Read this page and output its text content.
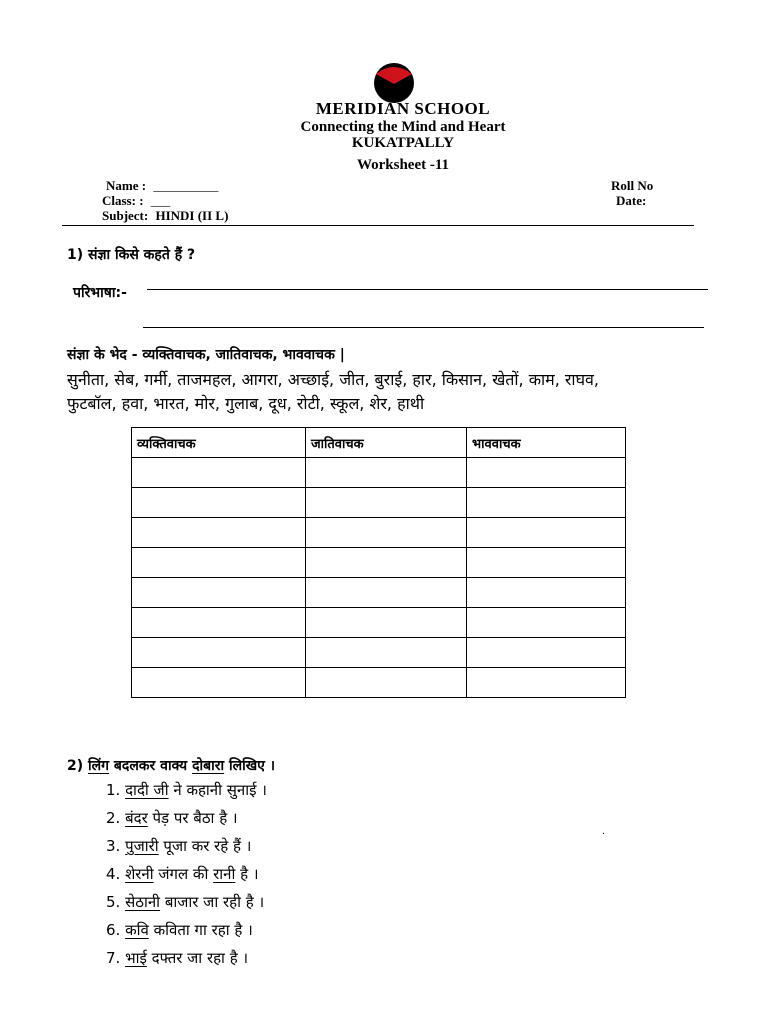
MERIDIAN SCHOOL
Connecting the Mind and Heart
KUKATPALLY
Worksheet -11
Name : __________
Class: : ___
Subject: HINDI (II L)
Roll No
Date:
1) संज्ञा किसे कहते हैं ?
परिभाषा:-
संज्ञा के भेद - व्यक्तिवाचक, जातिवाचक, भाववाचक |
सुनीता, सेब, गर्मी, ताजमहल, आगरा, अच्छाई, जीत, बुराई, हार, किसान, खेतों, काम, राघव,
फुटबॉल, हवा, भारत, मोर, गुलाब, दूध, रोटी, स्कूल, शेर, हाथी
व्यक्तिवाचक	जातिवाचक	भाववाचक

2) लिंग बदलकर वाक्य दोबारा लिखिए ।
1. दादी जी ने कहानी सुनाई ।
2. बंदर पेड़ पर बैठा है ।
3. पुजारी पूजा कर रहे हैं ।
4. शेरनी जंगल की रानी है ।
5. सेठानी बाजार जा रही है ।
6. कवि कविता गा रहा है ।
7. भाई दफ्तर जा रहा है ।
.
